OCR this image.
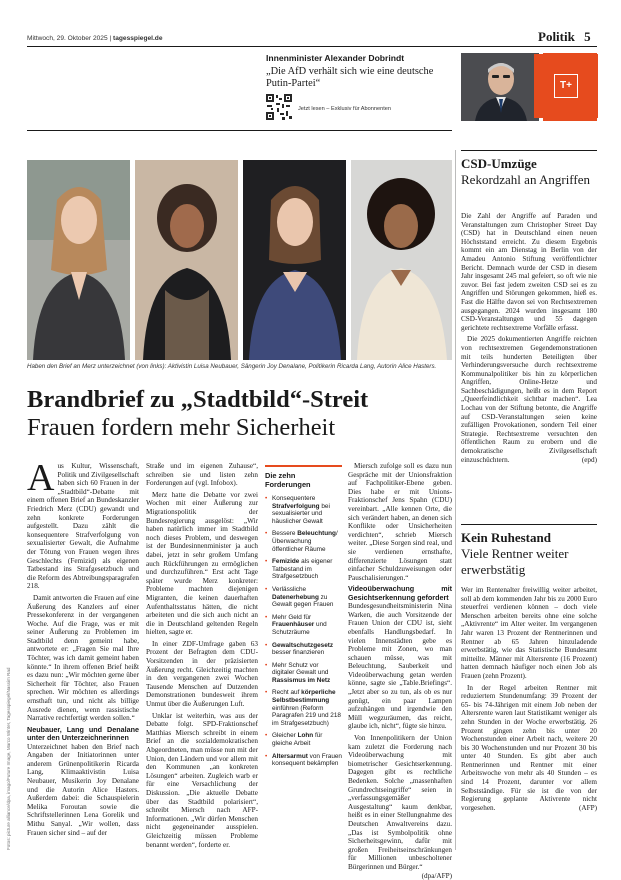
Mittwoch, 29. Oktober 2025 | tagesspiegel.de	Politik 5
Innenminister Alexander Dobrindt
„Die AfD verhält sich wie eine deutsche Putin-Partei“
Jetzt lesen – Exklusiv für Abonnenten
T+
Haben den Brief an Merz unterzeichnet (von links): Aktivistin Luisa Neubauer, Sängerin Joy Denalane, Politikerin Ricarda Lang, Autorin Alice Hasters.
Brandbrief zu „Stadtbild“-Streit
Frauen fordern mehr Sicherheit

Aus Kultur, Wissenschaft, Politik und Zivilgesellschaft haben sich 60 Frauen in der „Stadtbild“-Debatte mit einem offenen Brief an Bundeskanzler Friedrich Merz (CDU) gewandt und zehn konkrete Forderungen aufgestellt. Dazu zählt die konsequentere Strafverfolgung von sexualisierter Gewalt, die Aufnahme der Tötung von Frauen wegen ihres Geschlechts (Femizid) als eigenen Tatbestand ins Strafgesetzbuch und die Reform des Abtreibungsparagrafen 218.

Damit antworten die Frauen auf eine Äußerung des Kanzlers auf einer Pressekonferenz in der vergangenen Woche. Auf die Frage, was er mit seiner Äußerung zu Problemen im Stadtbild denn gemeint habe, antwortete er: „Fragen Sie mal Ihre Töchter, was ich damit gemeint haben könnte.“ In ihrem offenen Brief heißt es dazu nun: „Wir möchten gerne über Sicherheit für Töchter, also Frauen sprechen. Wir möchten es allerdings ernsthaft tun, und nicht als billige Ausrede dienen, wenn rassistische Narrative rechtfertigt werden sollen.“

Neubauer, Lang und Denalane unter den Unterzeichnerinnen

Unterzeichnet haben den Brief nach Angaben der Initiatorinnen unter anderem Grünenpolitikerin Ricarda Lang, Klimaaktivistin Luisa Neubauer, Musikerin Joy Denalane und die Autorin Alice Hasters. Außerdem dabei: die Schauspielerin Melika Foroutan sowie die Schriftstellerinnen Lena Gorelik und Mithu Sanyal. „Wir wollen, dass Frauen sicher sind – auf der

Straße und im eigenen Zuhause“, schreiben sie und listen zehn Forderungen auf (vgl. Infobox).

Merz hatte die Debatte vor zwei Wochen mit einer Äußerung zur Migrationspolitik der Bundesregierung ausgelöst: „Wir haben natürlich immer im Stadtbild noch dieses Problem, und deswegen ist der Bundesinnenminister ja auch dabei, jetzt in sehr großem Umfang auch Rückführungen zu ermöglichen und durchzuführen.“ Erst acht Tage später wurde Merz konkreter: Probleme machten diejenigen Migranten, die keinen dauerhaften Aufenthaltsstatus hätten, die nicht arbeiteten und die sich auch nicht an die in Deutschland geltenden Regeln hielten, sagte er.

In einer ZDF-Umfrage gaben 63 Prozent der Befragten dem CDU-Vorsitzenden in der präzisierten Äußerung recht. Gleichzeitig machten in den vergangenen zwei Wochen Tausende Menschen auf Dutzenden Demonstrationen bundesweit ihrem Unmut über die Äußerungen Luft.

Unklar ist weiterhin, was aus der Debatte folgt. SPD-Fraktionschef Matthias Miersch schreibt in einem Brief an die sozialdemokratischen Abgeordneten, man müsse nun mit der Union, den Ländern und vor allem mit den Kommunen „an konkreten Lösungen“ arbeiten. Zugleich warb er für eine Versachlichung der Diskussion. „Die aktuelle Debatte über das Stadtbild polarisiert“, schreibt Miersch nach AFP-Informationen. „Wir dürfen Menschen nicht gegeneinander ausspielen. Gleichzeitig müssen Probleme benannt werden“, forderte er.

Die zehn Forderungen
• Konsequentere Strafverfolgung bei sexualisierter und häuslicher Gewalt
• Bessere Beleuchtung/Überwachung öffentlicher Räume
• Femizide als eigener Tatbestand im Strafgesetzbuch
• Verlässliche Datenerhebung zu Gewalt gegen Frauen
• Mehr Geld für Frauenhäuser und Schutzräume
• Gewaltschutzgesetz besser finanzieren
• Mehr Schutz vor digitaler Gewalt und Rassismus im Netz
• Recht auf körperliche Selbstbestimmung einführen (Reform Paragrafen 219 und 218 im Strafgesetzbuch)
• Gleicher Lohn für gleiche Arbeit
• Altersarmut von Frauen konsequent bekämpfen

Miersch zufolge soll es dazu nun Gespräche mit der Unionsfraktion auf Fachpolitiker-Ebene geben. Dies habe er mit Unions-Fraktionschef Jens Spahn (CDU) vereinbart. „Alle kennen Orte, die sich verändert haben, an denen sich Konflikte oder Unsicherheiten verdichten“, schrieb Miersch weiter. „Diese Sorgen sind real, und sie verdienen ernsthafte, differenzierte Lösungen statt einfacher Schuldzuweisungen oder Pauschalisierungen.“

Videoüberwachung mit Gesichtserkennung gefordert

Bundesgesundheitsministerin Nina Warken, die auch Vorsitzende der Frauen Union der CDU ist, sieht ebenfalls Handlungsbedarf. In vielen Innenstädten gebe es Probleme mit Zonen, wo man schauen müsse, was mit Beleuchtung, Sauberkeit und Videoüberwachung getan werden könne, sagte sie „Table.Briefings“. „Jetzt aber so zu tun, als ob es nur genügt, ein paar Lampen aufzuhängen und irgendwie den Müll wegzuräumen, das reicht, glaube ich, nicht“, fügte sie hinzu.

Von Innenpolitikern der Union kam zuletzt die Forderung nach Videoüberwachung mit biometrischer Gesichtserkennung. Dagegen gibt es rechtliche Bedenken. Solche „massenhaften Grundrechtseingriffe“ seien in „verfassungsgemäßer Ausgestaltung“ kaum denkbar, heißt es in einer Stellungnahme des Deutschen Anwaltvereins dazu. „Das ist Symbolpolitik ohne Sicherheitsgewinn, dafür mit großen Freiheitseinschränkungen für Millionen unbescholtener Bürgerinnen und Bürger.“
(dpa/AFP)

CSD-Umzüge
Rekordzahl an Angriffen

Die Zahl der Angriffe auf Paraden und Veranstaltungen zum Christopher Street Day (CSD) hat in Deutschland einen neuen Höchststand erreicht. Zu diesem Ergebnis kommt ein am Dienstag in Berlin von der Amadeu Antonio Stiftung veröffentlichter Bericht. Demnach wurde der CSD in diesem Jahr insgesamt 245 mal gefeiert, so oft wie nie zuvor. Bei fast jedem zweiten CSD sei es zu Angriffen und Störungen gekommen, hieß es. Fast die Hälfte davon sei von Rechtsextremen ausgegangen. 2024 wurden insgesamt 180 CSD-Veranstaltungen und 55 dagegen gerichtete rechtsextreme Vorfälle erfasst.

Die 2025 dokumentierten Angriffe reichten von rechtsextremen Gegendemonstrationen mit teils hunderten Beteiligten über Verhinderungsversuche durch rechtsextreme Kommunalpolitiker bis hin zu körperlichen Angriffen, Online-Hetze und Sachbeschädigungen, heißt es in dem Report „Queerfeindlichkeit sichtbar machen“. Lea Lochau von der Stiftung betonte, die Angriffe auf CSD-Veranstaltungen seien keine zufälligen Provokationen, sondern Teil einer Strategie. Rechtsextreme versuchten den öffentlichen Raum zu erobern und die demokratische Zivilgesellschaft einzuschüchtern.	(epd)

Kein Ruhestand
Viele Rentner weiter erwerbstätig

Wer im Rentenalter freiwillig weiter arbeitet, soll ab dem kommenden Jahr bis zu 2000 Euro steuerfrei verdienen können – doch viele Menschen arbeiten bereits ohne eine solche „Aktivrente“ im Alter weiter. Im vergangenen Jahr waren 13 Prozent der Rentnerinnen und Rentner ab 65 Jahren hinzuladende erwerbstätig, wie das Statistische Bundesamt mitteilte. Männer mit Altersrente (16 Prozent) hatten demnach häufiger noch einen Job als Frauen (zehn Prozent).

In der Regel arbeiten Rentner mit reduziertem Stundenumfang: 39 Prozent der 65- bis 74-Jährigen mit einem Job neben der Altersrente waren laut Statistikamt weniger als zehn Stunden in der Woche erwerbstätig. 26 Prozent gingen zehn bis unter 20 Wochenstunden einer Arbeit nach, weitere 20 bis 30 Wochenstunden und nur Prozent 30 bis unter 40 Stunden. Es gibt aber auch Rentnerinnen und Rentner mit einer Arbeitswoche von mehr als 40 Stunden – es sind 14 Prozent, darunter vor allem Selbstständige. Für sie ist die von der Regierung geplante Aktivrente nicht vorgesehen.	(AFP)

Fotos: picture alliance/dpa, imago/Future Image, Marco Winter, Tagesspiegel/Nassim Rad
